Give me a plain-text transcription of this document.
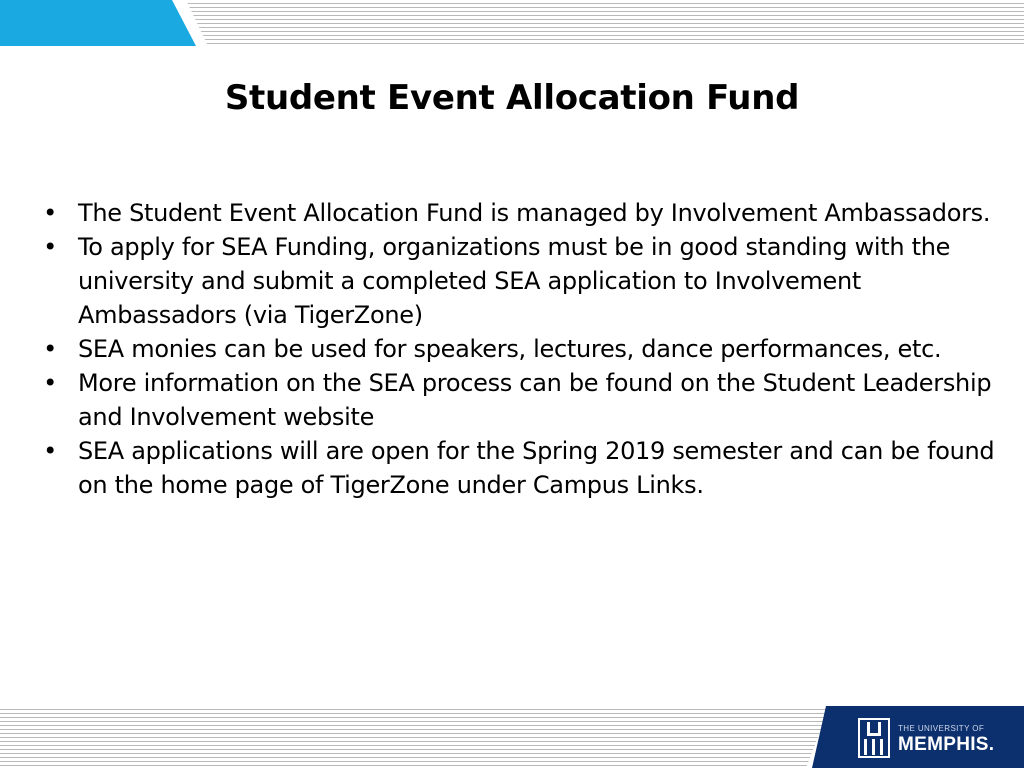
Student Event Allocation Fund
• The Student Event Allocation Fund is managed by Involvement Ambassadors.
• To apply for SEA Funding, organizations must be in good standing with the university and submit a completed SEA application to Involvement Ambassadors (via TigerZone)
• SEA monies can be used for speakers, lectures, dance performances, etc.
• More information on the SEA process can be found on the Student Leadership and Involvement website
• SEA applications will are open for the Spring 2019 semester and can be found on the home page of TigerZone under Campus Links.
THE UNIVERSITY OF
MEMPHIS.
